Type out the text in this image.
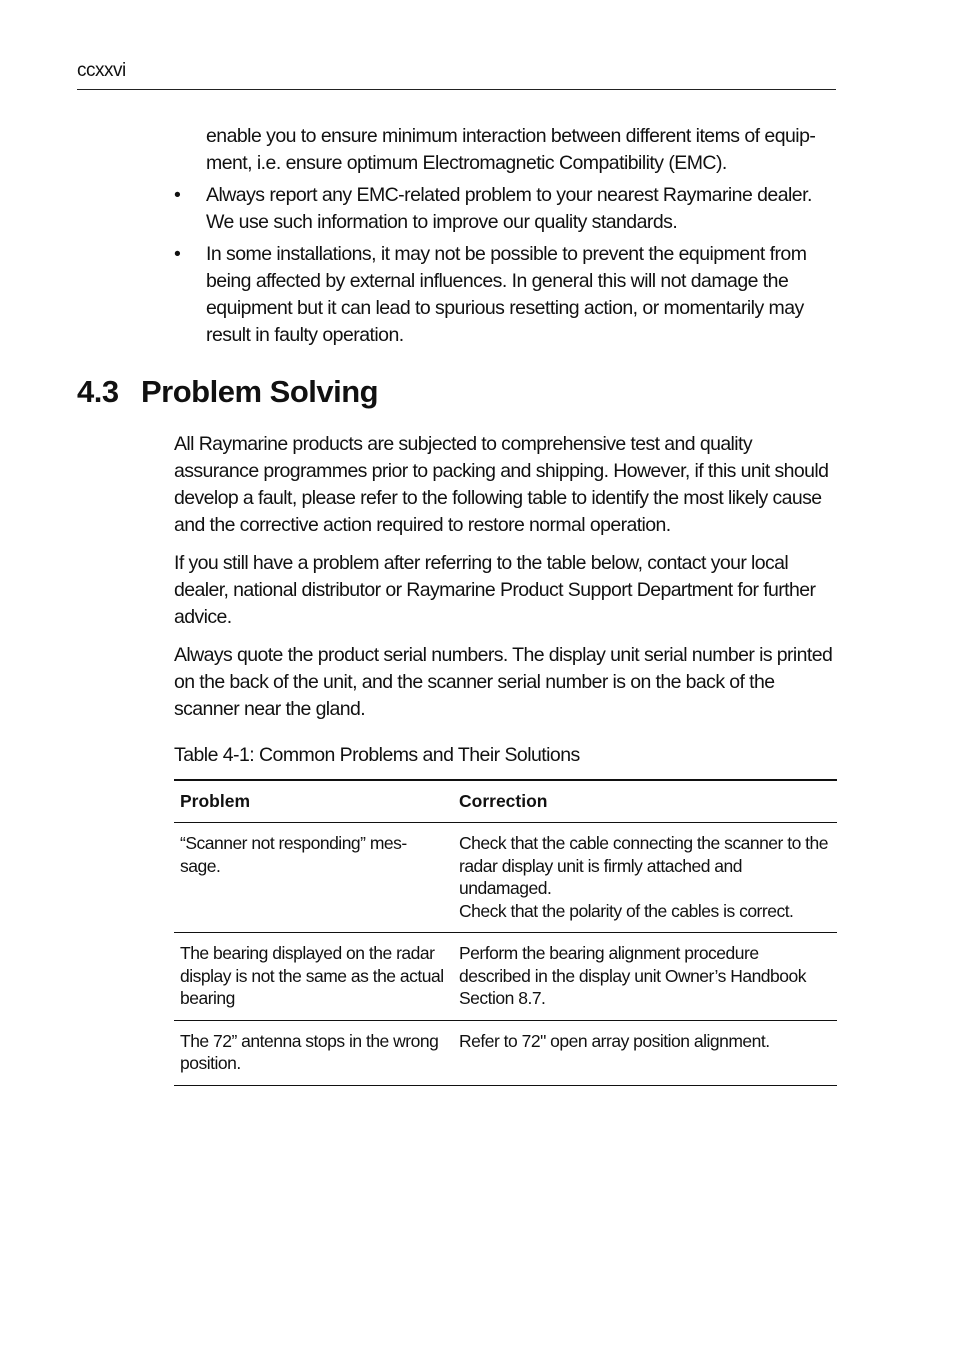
ccxxvi

enable you to ensure minimum interaction between different items of equip-ment, i.e. ensure optimum Electromagnetic Compatibility (EMC).

• Always report any EMC-related problem to your nearest Raymarine dealer. We use such information to improve our quality standards.
• In some installations, it may not be possible to prevent the equipment from being affected by external influences. In general this will not damage the equipment but it can lead to spurious resetting action, or momentarily may result in faulty operation.
4.3 Problem Solving

All Raymarine products are subjected to comprehensive test and quality assurance programmes prior to packing and shipping. However, if this unit should develop a fault, please refer to the following table to identify the most likely cause and the corrective action required to restore normal operation.

If you still have a problem after referring to the table below, contact your local dealer, national distributor or Raymarine Product Support Department for further advice.

Always quote the product serial numbers. The display unit serial number is printed on the back of the unit, and the scanner serial number is on the back of the scanner near the gland.

Table 4-1: Common Problems and Their Solutions
Problem	Correction
“Scanner not responding” mes-sage.	Check that the cable connecting the scanner to the radar display unit is firmly attached and undamaged.
Check that the polarity of the cables is correct.

The bearing displayed on the radar display is not the same as the actual bearing	Perform the bearing alignment procedure described in the display unit Owner’s Handbook Section 8.7.

The 72” antenna stops in the wrong position.	Refer to 72" open array position alignment.
